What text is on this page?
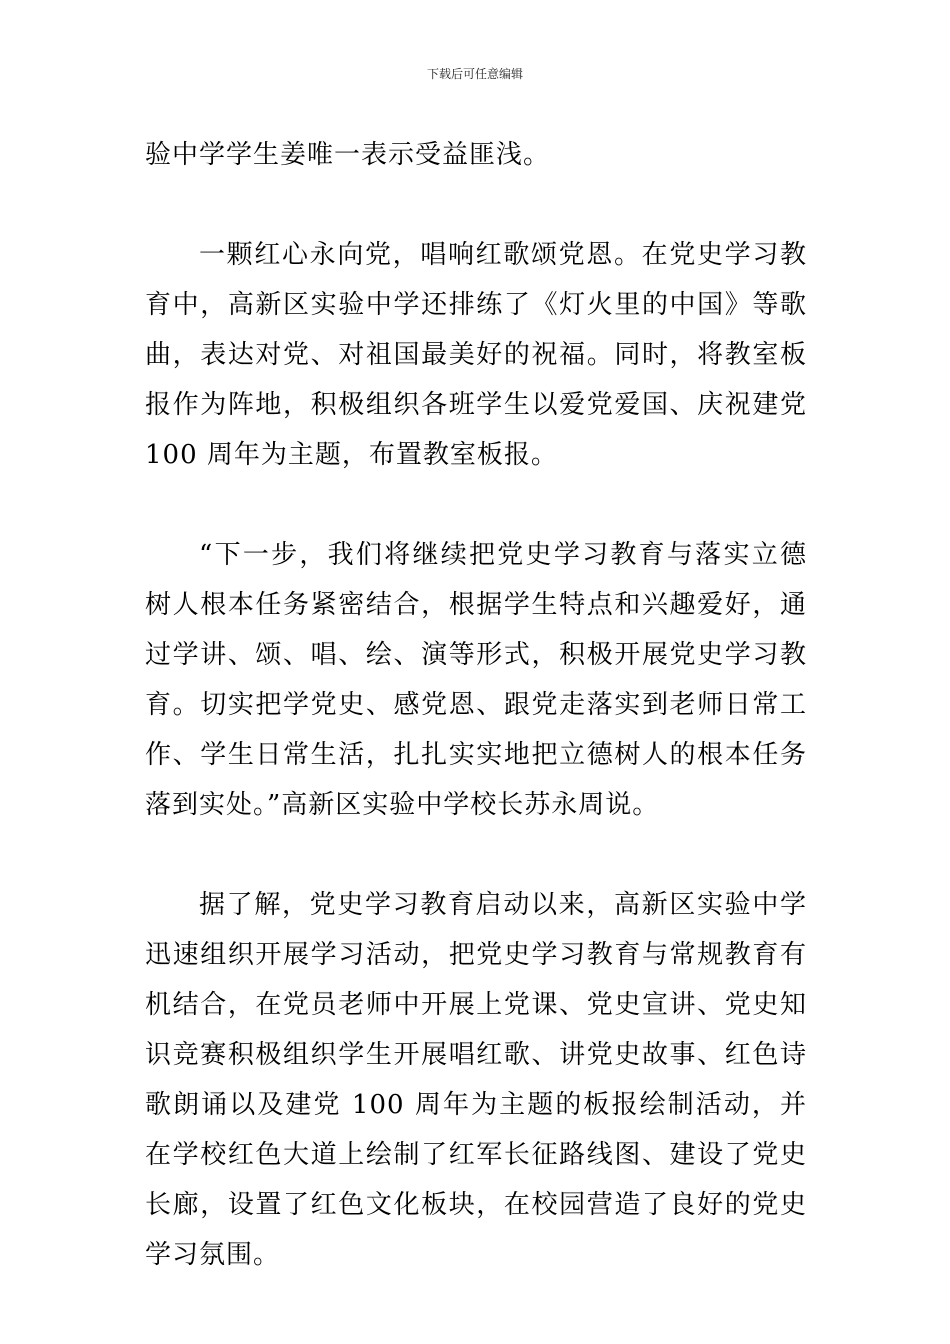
下载后可任意编辑

验中学学生姜唯一表示受益匪浅。

一颗红心永向党，唱响红歌颂党恩。在党史学习教育中，高新区实验中学还排练了《灯火里的中国》等歌曲，表达对党、对祖国最美好的祝福。同时，将教室板报作为阵地，积极组织各班学生以爱党爱国、庆祝建党 100 周年为主题，布置教室板报。

“下一步，我们将继续把党史学习教育与落实立德树人根本任务紧密结合，根据学生特点和兴趣爱好，通过学讲、颂、唱、绘、演等形式，积极开展党史学习教育。切实把学党史、感党恩、跟党走落实到老师日常工作、学生日常生活，扎扎实实地把立德树人的根本任务落到实处。”高新区实验中学校长苏永周说。

据了解，党史学习教育启动以来，高新区实验中学迅速组织开展学习活动，把党史学习教育与常规教育有机结合，在党员老师中开展上党课、党史宣讲、党史知识竞赛积极组织学生开展唱红歌、讲党史故事、红色诗歌朗诵以及建党 100 周年为主题的板报绘制活动，并在学校红色大道上绘制了红军长征路线图、建设了党史长廊，设置了红色文化板块，在校园营造了良好的党史学习氛围。
